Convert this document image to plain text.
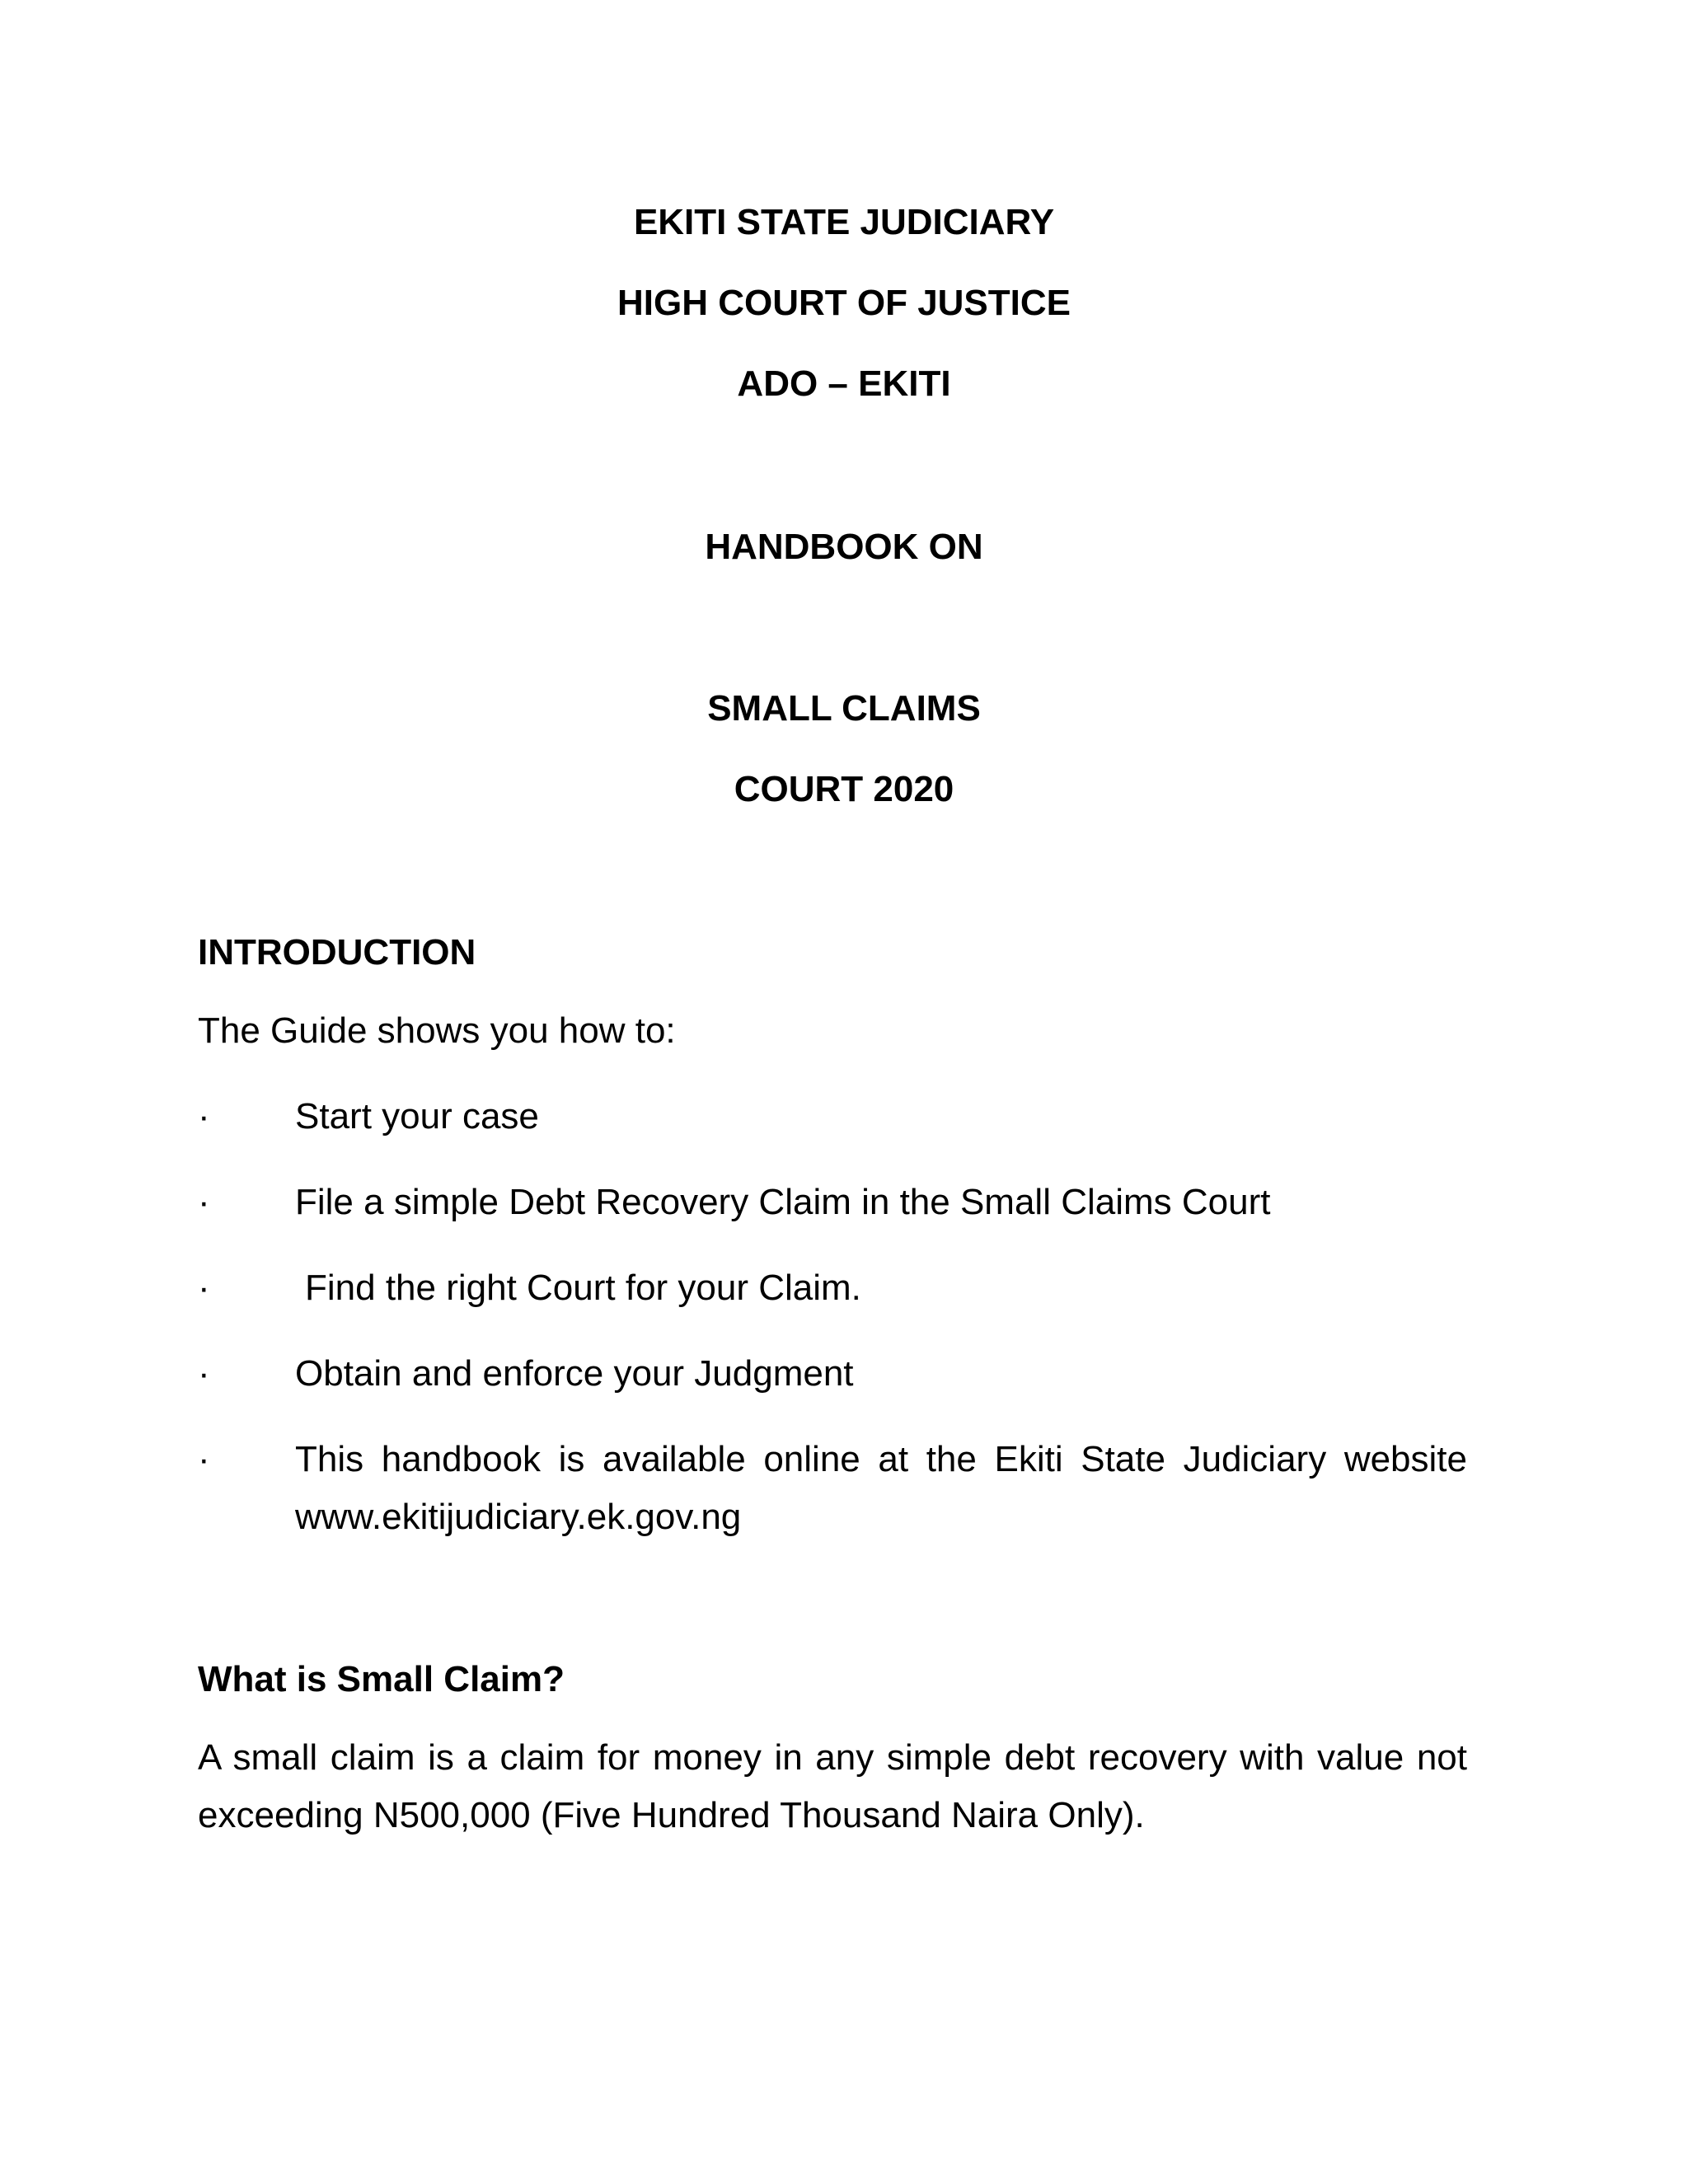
EKITI STATE JUDICIARY
HIGH COURT OF JUSTICE
ADO – EKITI
HANDBOOK ON
SMALL CLAIMS
COURT 2020
INTRODUCTION
The Guide shows you how to:
·	Start your case
·	File a simple Debt Recovery Claim in the Small Claims Court
·	Find the right Court for your Claim.
·	Obtain and enforce your Judgment
·	This handbook is available online at the Ekiti State Judiciary website www.ekitijudiciary.ek.gov.ng
What is Small Claim?
A small claim is a claim for money in any simple debt recovery with value not exceeding N500,000 (Five Hundred Thousand Naira Only).
